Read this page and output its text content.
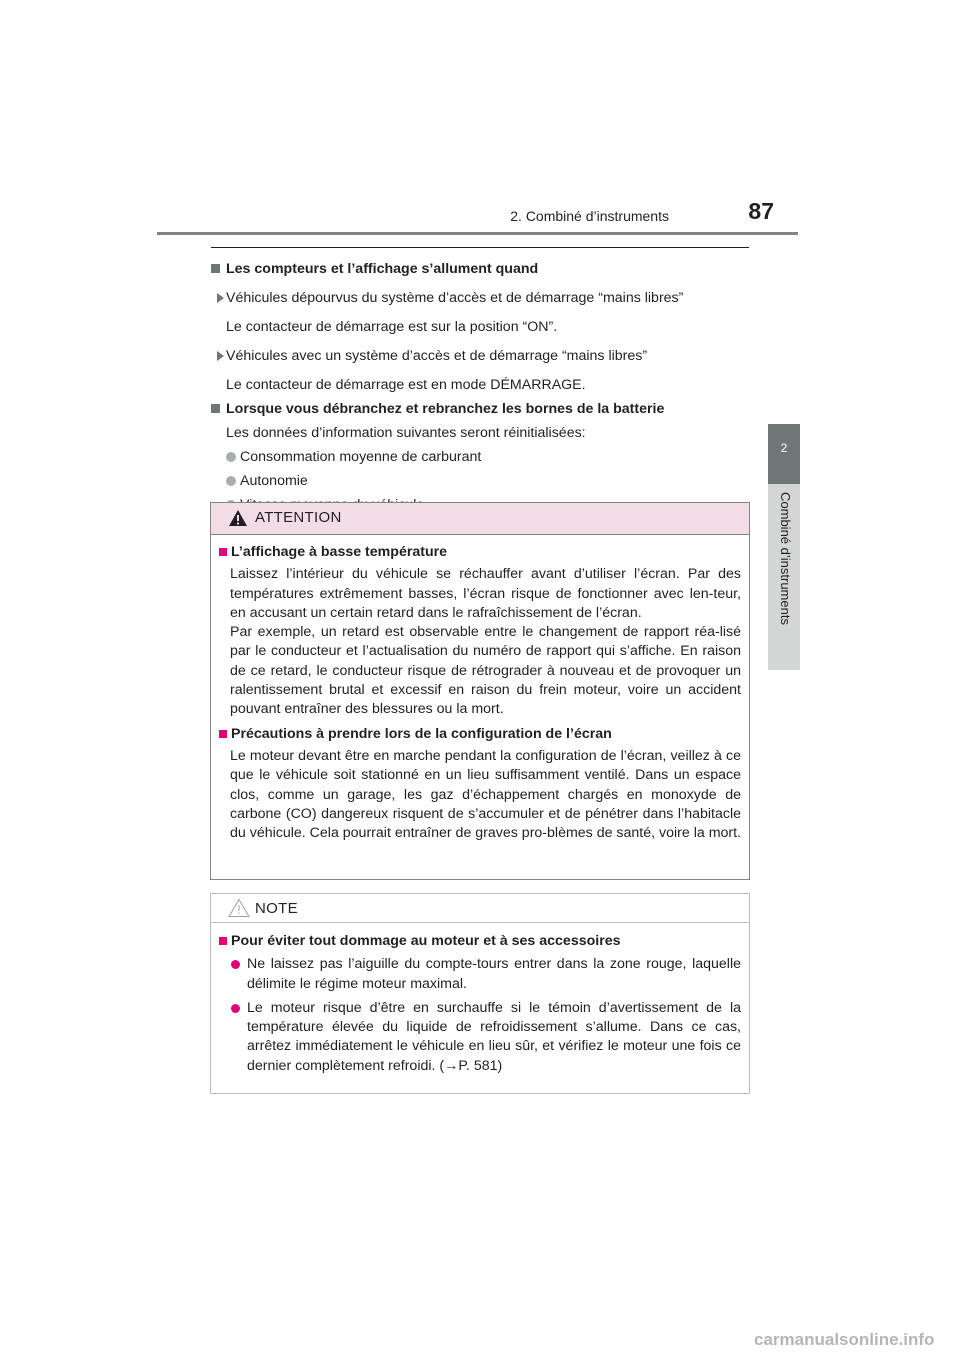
2. Combiné d’instruments	87
2
Combiné d’instruments
Les compteurs et l’affichage s’allument quand
Véhicules dépourvus du système d’accès et de démarrage “mains libres”
Le contacteur de démarrage est sur la position “ON”.
Véhicules avec un système d’accès et de démarrage “mains libres”
Le contacteur de démarrage est en mode DÉMARRAGE.
Lorsque vous débranchez et rebranchez les bornes de la batterie
Les données d’information suivantes seront réinitialisées:
Consommation moyenne de carburant
Autonomie
ATTENTION
L’affichage à basse température
Laissez l’intérieur du véhicule se réchauffer avant d’utiliser l’écran. Par des températures extrêmement basses, l’écran risque de fonctionner avec len-teur, en accusant un certain retard dans le rafraîchissement de l’écran.
Par exemple, un retard est observable entre le changement de rapport réa-lisé par le conducteur et l’actualisation du numéro de rapport qui s’affiche. En raison de ce retard, le conducteur risque de rétrograder à nouveau et de provoquer un ralentissement brutal et excessif en raison du frein moteur, voire un accident pouvant entraîner des blessures ou la mort.
Précautions à prendre lors de la configuration de l’écran
Le moteur devant être en marche pendant la configuration de l’écran, veillez à ce que le véhicule soit stationné en un lieu suffisamment ventilé. Dans un espace clos, comme un garage, les gaz d’échappement chargés en monoxyde de carbone (CO) dangereux risquent de s’accumuler et de pénétrer dans l’habitacle du véhicule. Cela pourrait entraîner de graves pro-blèmes de santé, voire la mort.
NOTE
Pour éviter tout dommage au moteur et à ses accessoires
Ne laissez pas l’aiguille du compte-tours entrer dans la zone rouge, laquelle délimite le régime moteur maximal.
Le moteur risque d’être en surchauffe si le témoin d’avertissement de la température élevée du liquide de refroidissement s’allume. Dans ce cas, arrêtez immédiatement le véhicule en lieu sûr, et vérifiez le moteur une fois ce dernier complètement refroidi. (→P. 581)
carmanualsonline.info
